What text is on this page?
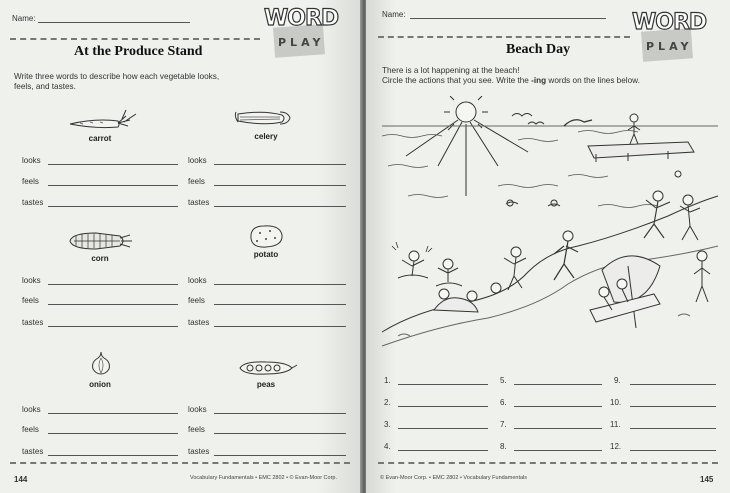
Name:	WORD
PLAY
At the Produce Stand
Write three words to describe how each vegetable looks,
feels, and tastes.
carrot	celery
corn	potato
onion	peas
looks
feels
tastes
looks
feels
tastes
looks
feels
tastes
looks
feels
tastes
looks
feels
tastes
looks
feels
tastes
144	Vocabulary Fundamentals • EMC 2802 • © Evan-Moor Corp.
Name:	WORD
PLAY
Beach Day
There is a lot happening at the beach!
Circle the actions that you see. Write the -ing words on the lines below.
1.
2.
3.
4.
5.
6.
7.
8.
9.
10.
11.
12.
© Evan-Moor Corp. • EMC 2802 • Vocabulary Fundamentals	145
